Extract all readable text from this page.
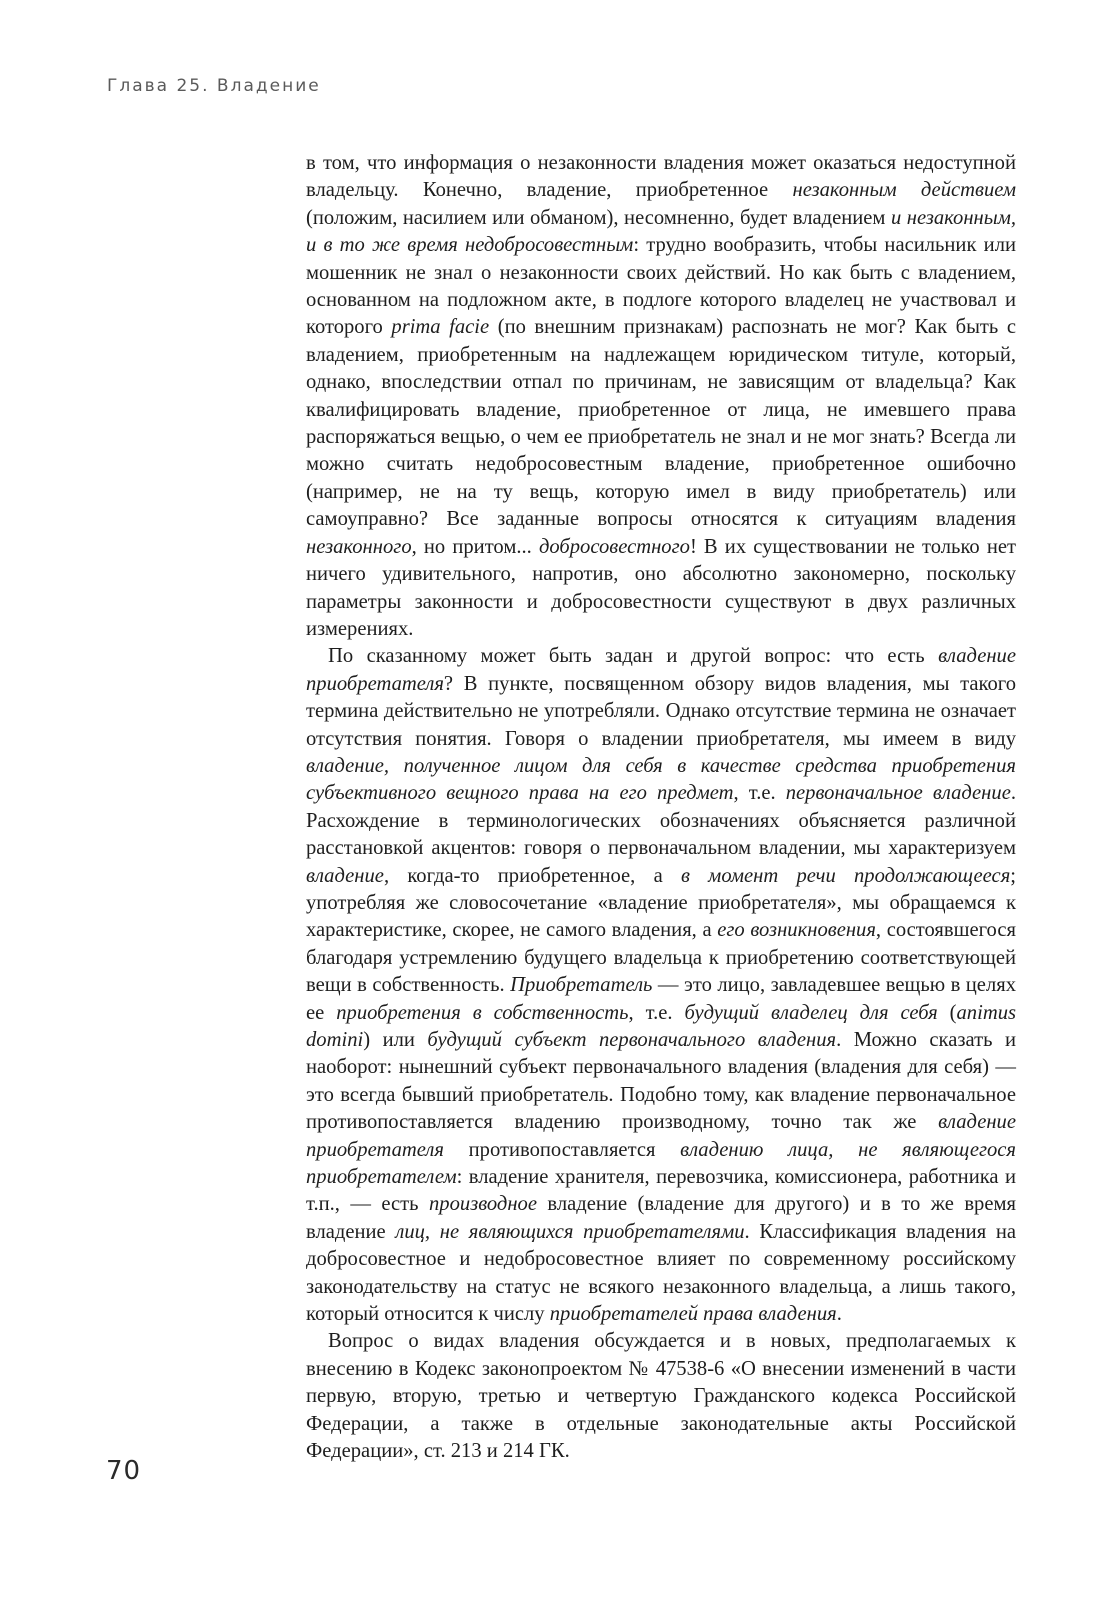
Глава 25. Владение

в том, что информация о незаконности владения может оказаться недоступной владельцу. Конечно, владение, приобретенное незаконным действием (положим, насилием или обманом), несомненно, будет владением и незаконным, и в то же время недобросовестным: трудно вообразить, чтобы насильник или мошенник не знал о незаконности своих действий. Но как быть с владением, основанном на подложном акте, в подлоге которого владелец не участвовал и которого prima facie (по внешним признакам) распознать не мог? Как быть с владением, приобретенным на надлежащем юридическом титуле, который, однако, впоследствии отпал по причинам, не зависящим от владельца? Как квалифицировать владение, приобретенное от лица, не имевшего права распоряжаться вещью, о чем ее приобретатель не знал и не мог знать? Всегда ли можно считать недобросовестным владение, приобретенное ошибочно (например, не на ту вещь, которую имел в виду приобретатель) или самоуправно? Все заданные вопросы относятся к ситуациям владения незаконного, но притом... добросовестного! В их существовании не только нет ничего удивительного, напротив, оно абсолютно закономерно, поскольку параметры законности и добросовестности существуют в двух различных измерениях.

По сказанному может быть задан и другой вопрос: что есть владение приобретателя? В пункте, посвященном обзору видов владения, мы такого термина действительно не употребляли. Однако отсутствие термина не означает отсутствия понятия. Говоря о владении приобретателя, мы имеем в виду владение, полученное лицом для себя в качестве средства приобретения субъективного вещного права на его предмет, т.е. первоначальное владение. Расхождение в терминологических обозначениях объясняется различной расстановкой акцентов: говоря о первоначальном владении, мы характеризуем владение, когда-то приобретенное, а в момент речи продолжающееся; употребляя же словосочетание «владение приобретателя», мы обращаемся к характеристике, скорее, не самого владения, а его возникновения, состоявшегося благодаря устремлению будущего владельца к приобретению соответствующей вещи в собственность. Приобретатель — это лицо, завладевшее вещью в целях ее приобретения в собственность, т.е. будущий владелец для себя (animus domini) или будущий субъект первоначального владения. Можно сказать и наоборот: нынешний субъект первоначального владения (владения для себя) — это всегда бывший приобретатель. Подобно тому, как владение первоначальное противопоставляется владению производному, точно так же владение приобретателя противопоставляется владению лица, не являющегося приобретателем: владение хранителя, перевозчика, комиссионера, работника и т.п., — есть производное владение (владение для другого) и в то же время владение лиц, не являющихся приобретателями. Классификация владения на добросовестное и недобросовестное влияет по современному российскому законодательству на статус не всякого незаконного владельца, а лишь такого, который относится к числу приобретателей права владения.

Вопрос о видах владения обсуждается и в новых, предполагаемых к внесению в Кодекс законопроектом № 47538-6 «О внесении изменений в части первую, вторую, третью и четвертую Гражданского кодекса Российской Федерации, а также в отдельные законодательные акты Российской Федерации», ст. 213 и 214 ГК.

70
